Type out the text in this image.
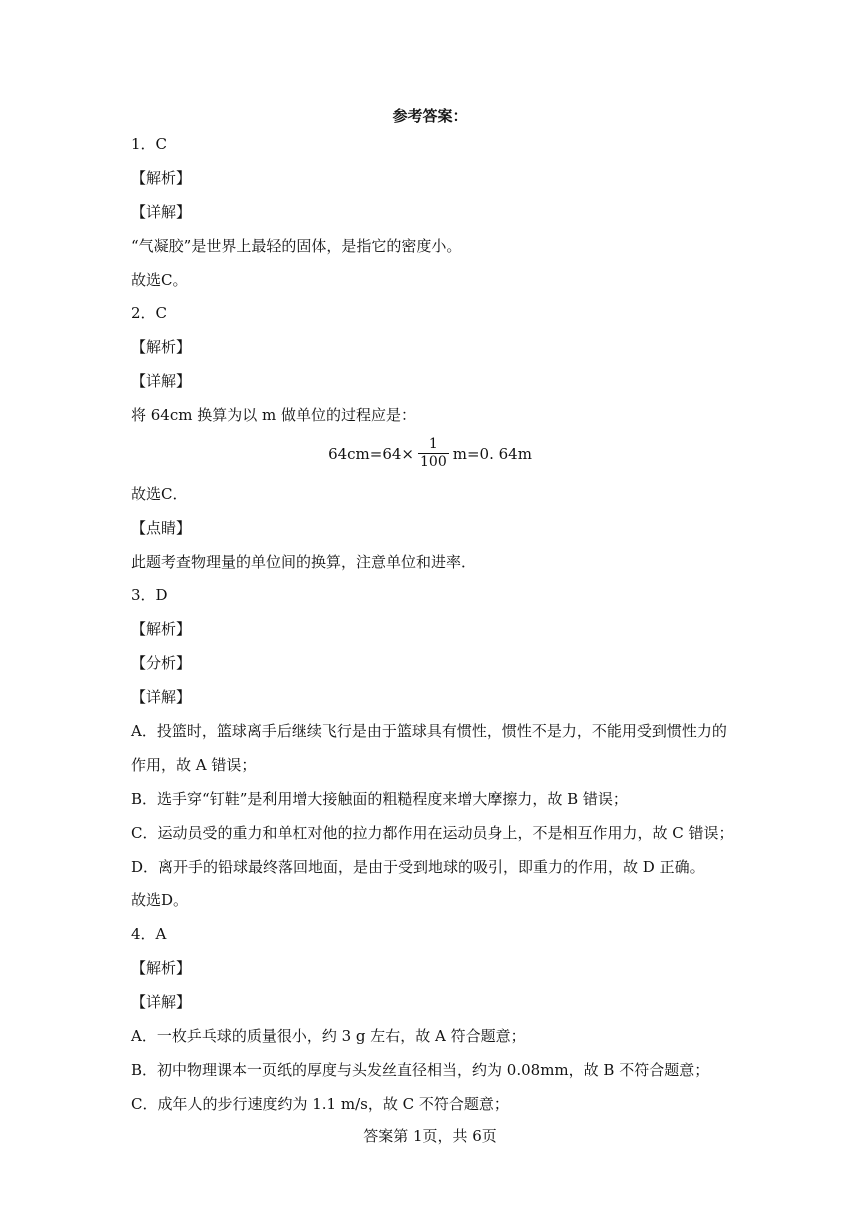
参考答案：
1．C
【解析】
【详解】
“气凝胶”是世界上最轻的固体，是指它的密度小。
故选C。
2．C
【解析】
【详解】
将 64cm 换算为以 m 做单位的过程应是：
$64cm=64\times \frac{1}{100} m=0$. 64m
故选C．
【点睛】
此题考查物理量的单位间的换算，注意单位和进率．
3．D
【解析】
【分析】
【详解】
A．投篮时，篮球离手后继续飞行是由于篮球具有惯性，惯性不是力，不能用受到惯性力的
作用，故 A 错误；
B．选手穿“钉鞋”是利用增大接触面的粗糙程度来增大摩擦力，故 B 错误；
C．运动员受的重力和单杠对他的拉力都作用在运动员身上，不是相互作用力，故 C 错误；
D．离开手的铅球最终落回地面，是由于受到地球的吸引，即重力的作用，故 D 正确。
故选D。
4．A
【解析】
【详解】
A．一枚乒乓球的质量很小，约 3 g 左右，故 A 符合题意；
B．初中物理课本一页纸的厚度与头发丝直径相当，约为 0.08mm，故 B 不符合题意；
C．成年人的步行速度约为 1.1 m/s，故 C 不符合题意；
答案第 1页，共 6页
